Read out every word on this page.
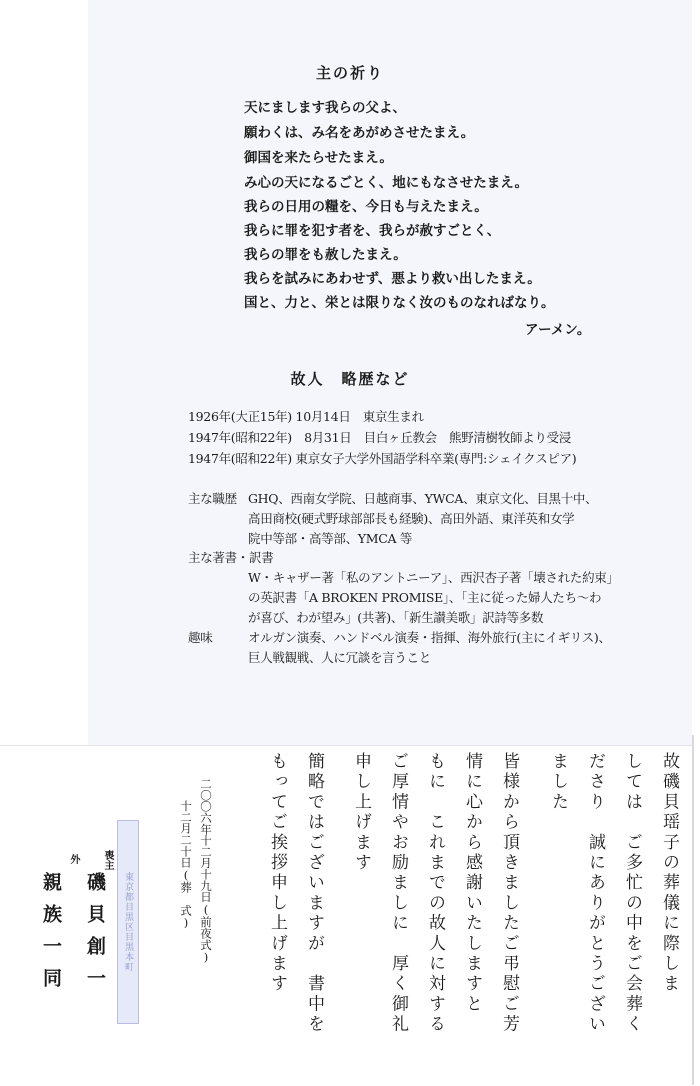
主の祈り
天にまします我らの父よ、
願わくは、み名をあがめさせたまえ。
御国を来たらせたまえ。
み心の天になるごとく、地にもなさせたまえ。
我らの日用の糧を、今日も与えたまえ。
我らに罪を犯す者を、我らが赦すごとく、
我らの罪をも赦したまえ。
我らを試みにあわせず、悪より救い出したまえ。
国と、力と、栄とは限りなく汝のものなればなり。
アーメン。
故人　略歴など
1926年(大正15年) 10月14日　東京生まれ
1947年(昭和22年)　8月31日　目白ヶ丘教会　熊野清樹牧師より受浸
1947年(昭和22年) 東京女子大学外国語学科卒業(専門:シェイクスピア)
主な職歴 GHQ、西南女学院、日越商事、YWCA、東京文化、目黒十中、
高田商校(硬式野球部部長も経験)、高田外語、東洋英和女学
院中等部・高等部、YMCA 等
主な著書・訳書
W・キャザー著「私のアントニーア」、西沢杏子著「壊された約束」
の英訳書「A BROKEN PROMISE」、「主に従った婦人たち〜わ
が喜び、わが望み」(共著)、「新生讃美歌」訳詩等多数
趣味	オルガン演奏、ハンドベル演奏・指揮、海外旅行(主にイギリス)、
巨人戦観戦、人に冗談を言うこと
故磯貝瑶子の葬儀に際しま
しては　ご多忙の中をご会葬く
ださり　誠にありがとうござい
ました
皆様から頂きましたご弔慰ご芳
情に心から感謝いたしますと
もに　これまでの故人に対する
ご厚情やお励ましに　厚く御礼
申し上げます
簡略ではございますが　書中を
もってご挨拶申し上げます
二〇〇六年十二月十九日(前夜式)
十二月二十日(葬　式)
東京都目黒区目黒本町
喪主
磯貝創一
外
親族一同
